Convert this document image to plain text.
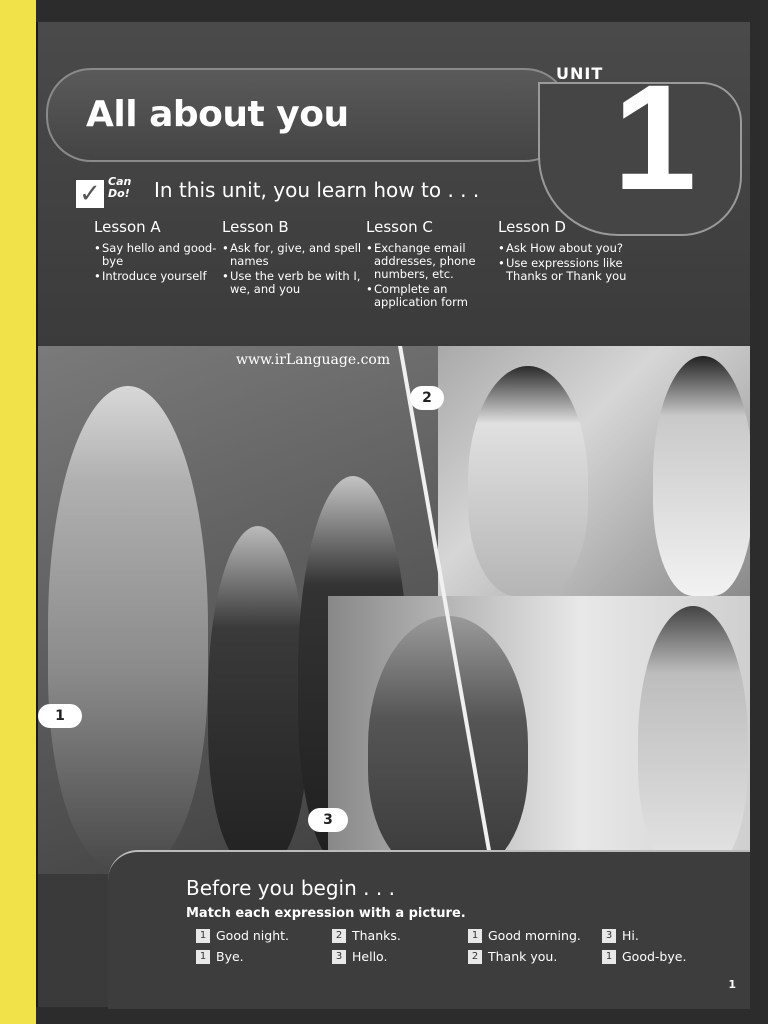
All about you
UNIT 1
✓ Can Do! In this unit, you learn how to . . .
Lesson A
• Say hello and good-bye
• Introduce yourself
Lesson B
• Ask for, give, and spell names
• Use the verb be with I, we, and you
Lesson C
• Exchange email addresses, phone numbers, etc.
• Complete an application form
Lesson D
• Ask How about you?
• Use expressions like Thanks or Thank you
www.irLanguage.com
1
2
3
Before you begin . . .
Match each expression with a picture.
1 Good night.	2 Thanks.	1 Good morning.	3 Hi.
1 Bye.	3 Hello.	2 Thank you.	1 Good-bye.
1
